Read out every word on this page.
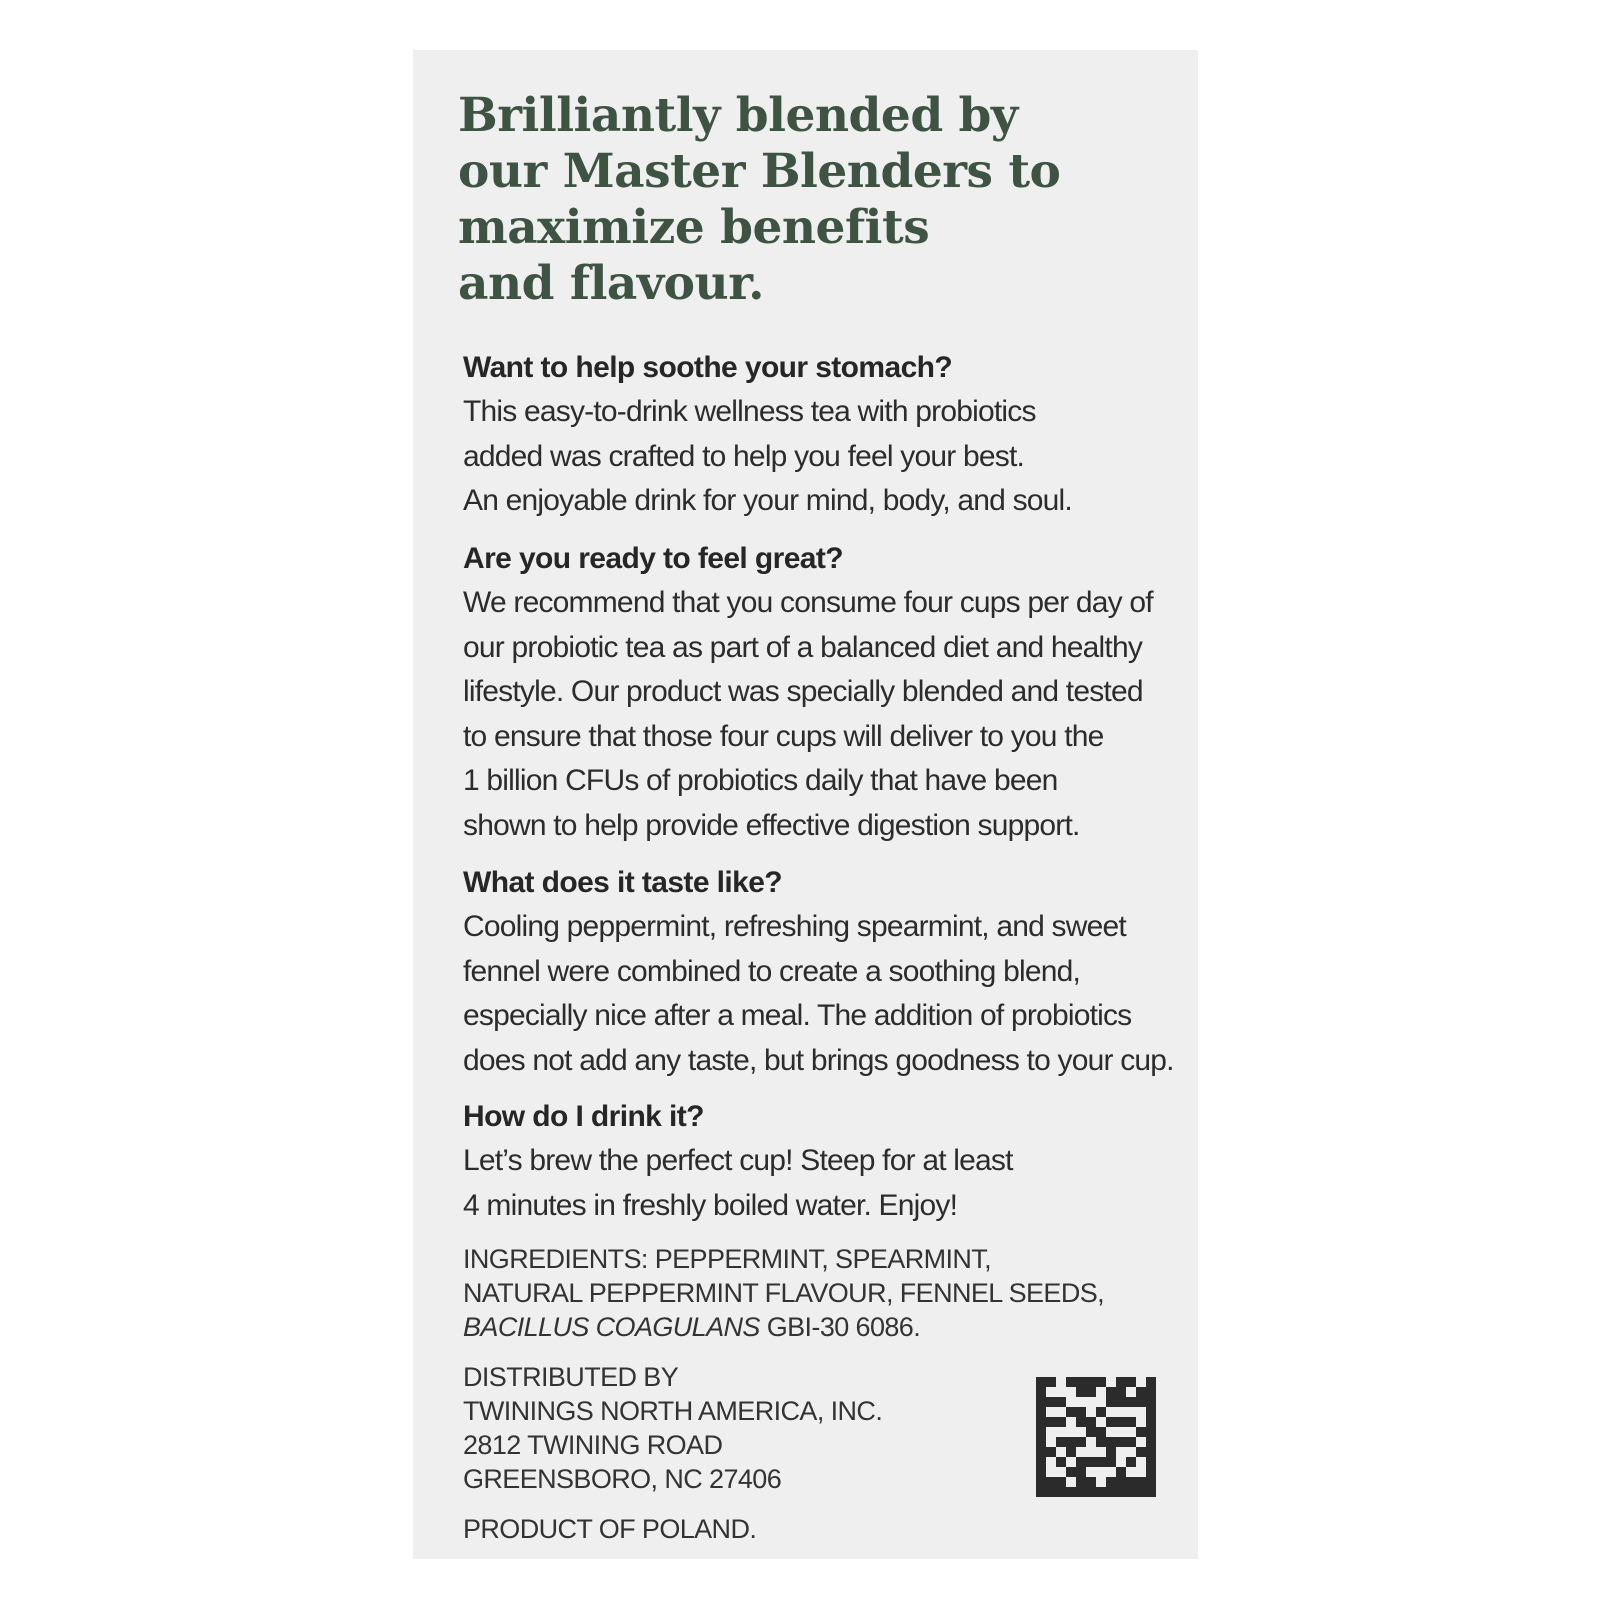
Brilliantly blended by
our Master Blenders to
maximize benefits
and flavour.
Want to help soothe your stomach?
This easy-to-drink wellness tea with probiotics
added was crafted to help you feel your best.
An enjoyable drink for your mind, body, and soul.
Are you ready to feel great?
We recommend that you consume four cups per day of
our probiotic tea as part of a balanced diet and healthy
lifestyle. Our product was specially blended and tested
to ensure that those four cups will deliver to you the
1 billion CFUs of probiotics daily that have been
shown to help provide effective digestion support.
What does it taste like?
Cooling peppermint, refreshing spearmint, and sweet
fennel were combined to create a soothing blend,
especially nice after a meal. The addition of probiotics
does not add any taste, but brings goodness to your cup.
How do I drink it?
Let’s brew the perfect cup! Steep for at least
4 minutes in freshly boiled water. Enjoy!
INGREDIENTS: PEPPERMINT, SPEARMINT,
NATURAL PEPPERMINT FLAVOUR, FENNEL SEEDS,
BACILLUS COAGULANS GBI-30 6086.
DISTRIBUTED BY
TWININGS NORTH AMERICA, INC.
2812 TWINING ROAD
GREENSBORO, NC 27406
PRODUCT OF POLAND.
